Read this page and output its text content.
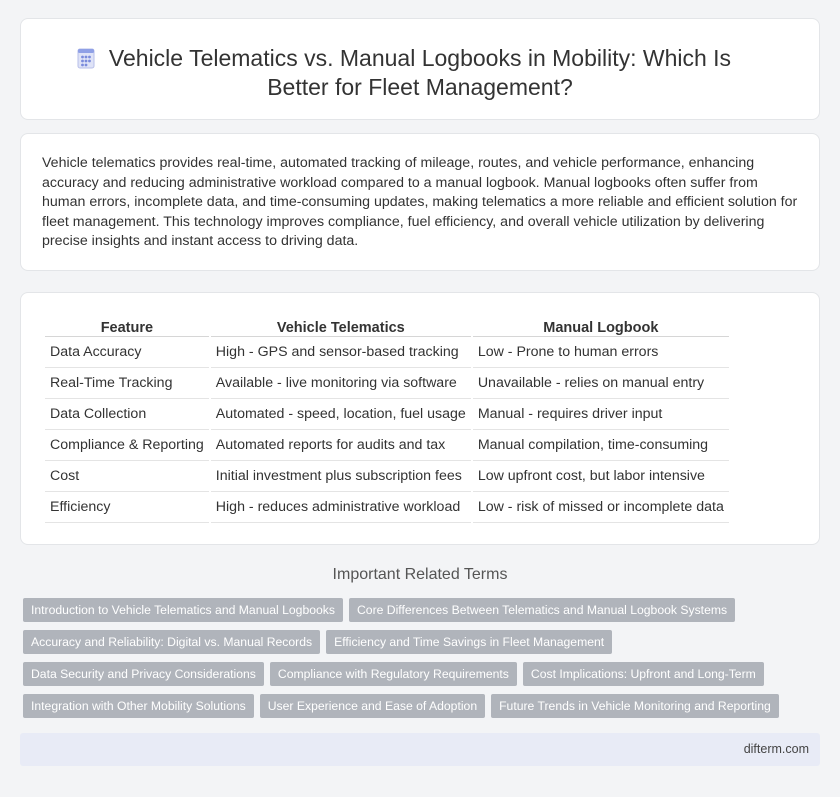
Vehicle Telematics vs. Manual Logbooks in Mobility: Which Is
Better for Fleet Management?
Vehicle telematics provides real-time, automated tracking of mileage, routes, and vehicle performance, enhancing accuracy and reducing administrative workload compared to a manual logbook. Manual logbooks often suffer from human errors, incomplete data, and time-consuming updates, making telematics a more reliable and efficient solution for fleet management. This technology improves compliance, fuel efficiency, and overall vehicle utilization by delivering precise insights and instant access to driving data.
Feature	Vehicle Telematics	Manual Logbook
Data Accuracy	High - GPS and sensor-based tracking	Low - Prone to human errors
Real-Time Tracking	Available - live monitoring via software	Unavailable - relies on manual entry
Data Collection	Automated - speed, location, fuel usage	Manual - requires driver input
Compliance & Reporting	Automated reports for audits and tax	Manual compilation, time-consuming
Cost	Initial investment plus subscription fees	Low upfront cost, but labor intensive
Efficiency	High - reduces administrative workload	Low - risk of missed or incomplete data
Important Related Terms
Introduction to Vehicle Telematics and Manual Logbooks Core Differences Between Telematics and Manual Logbook Systems
Accuracy and Reliability: Digital vs. Manual Records Efficiency and Time Savings in Fleet Management
Data Security and Privacy Considerations Compliance with Regulatory Requirements Cost Implications: Upfront and Long-Term
Integration with Other Mobility Solutions User Experience and Ease of Adoption Future Trends in Vehicle Monitoring and Reporting
difterm.com
